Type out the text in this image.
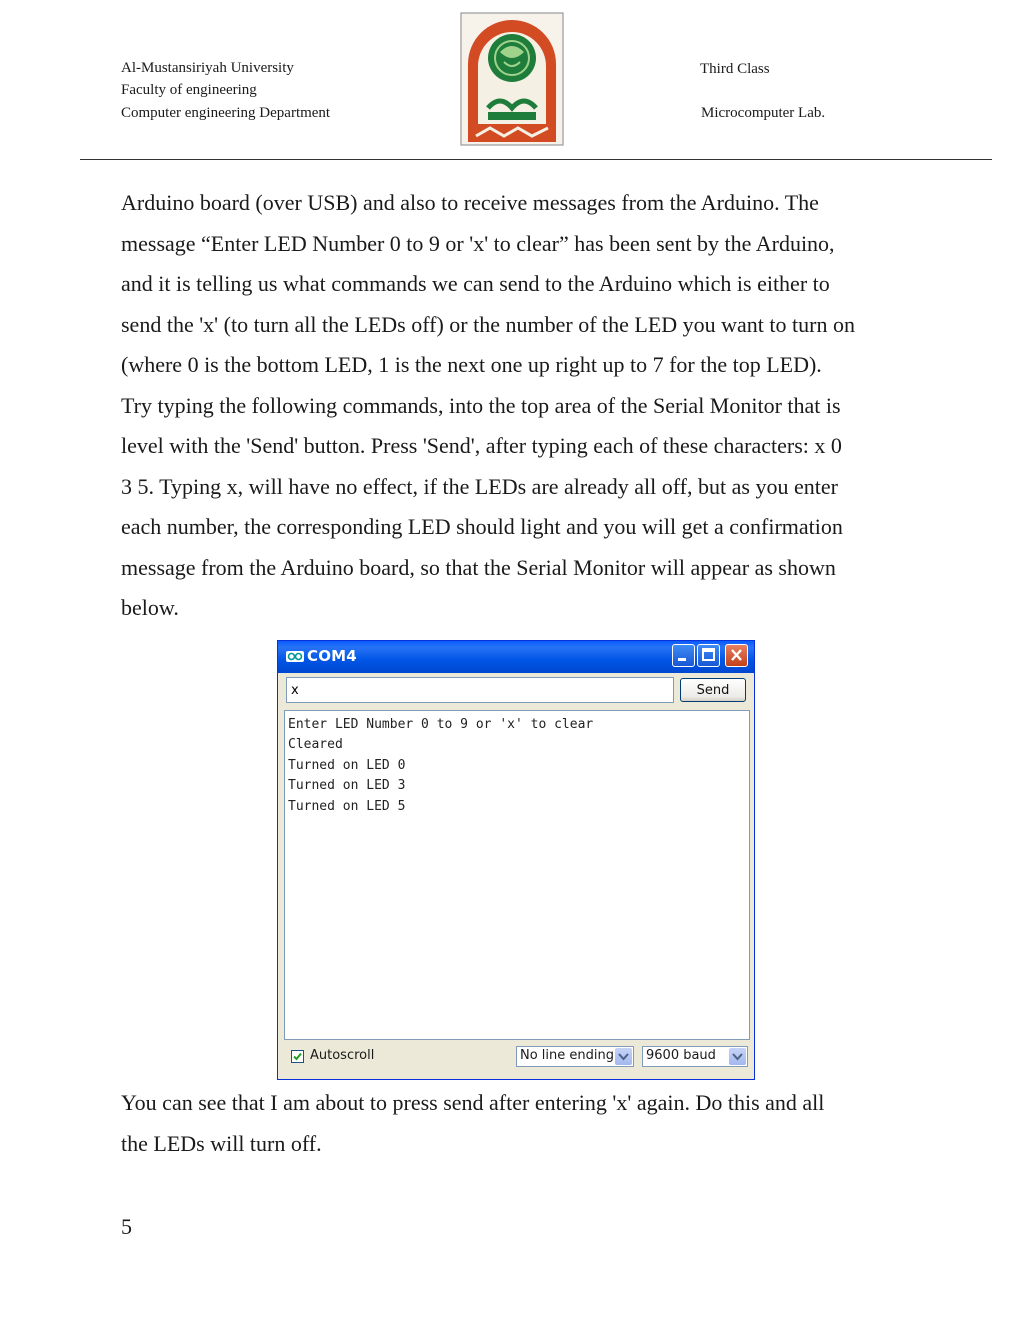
Al-Mustansiriyah University
Faculty of engineering
Computer engineering Department
Third Class
Microcomputer Lab.
Arduino board (over USB) and also to receive messages from the Arduino. The
message “Enter LED Number 0 to 9 or 'x' to clear” has been sent by the Arduino,
and it is telling us what commands we can send to the Arduino which is either to
send the 'x' (to turn all the LEDs off) or the number of the LED you want to turn on
(where 0 is the bottom LED, 1 is the next one up right up to 7 for the top LED).
Try typing the following commands, into the top area of the Serial Monitor that is
level with the 'Send' button. Press 'Send', after typing each of these characters: x 0
3 5. Typing x, will have no effect, if the LEDs are already all off, but as you enter
each number, the corresponding LED should light and you will get a confirmation
message from the Arduino board, so that the Serial Monitor will appear as shown
below.
COM4
x
Send
Enter LED Number 0 to 9 or 'x' to clear
Cleared
Turned on LED 0
Turned on LED 3
Turned on LED 5
Autoscroll	No line ending 9600 baud
You can see that I am about to press send after entering 'x' again. Do this and all
the LEDs will turn off.
5
